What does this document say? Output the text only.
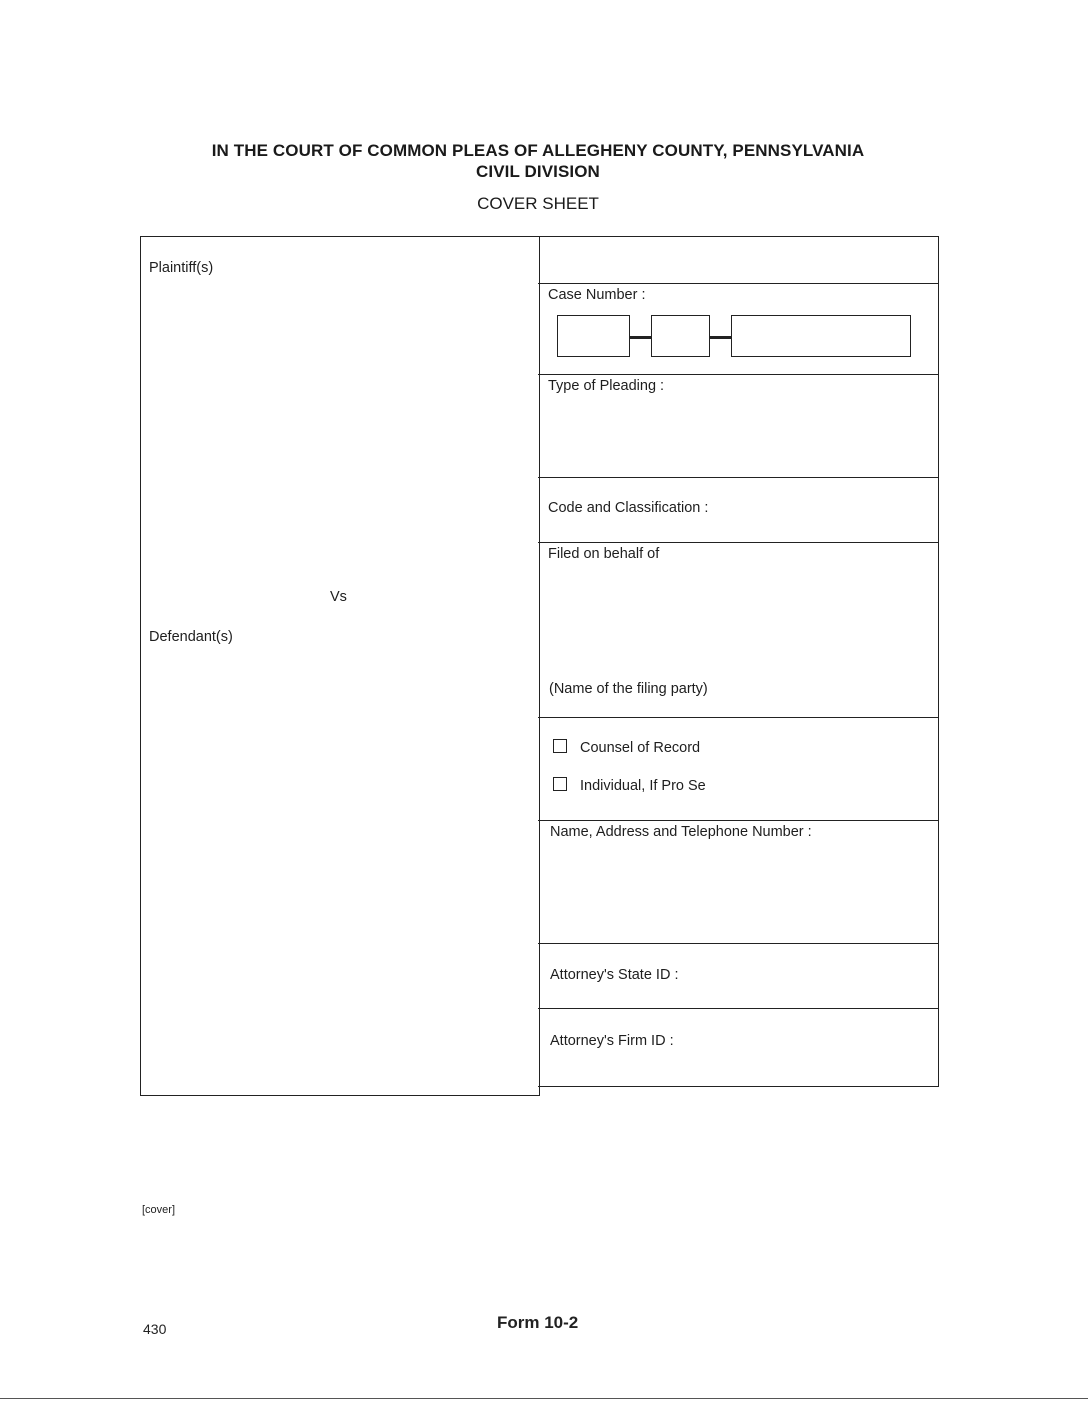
IN THE COURT OF COMMON PLEAS OF ALLEGHENY COUNTY, PENNSYLVANIA
CIVIL DIVISION
COVER SHEET
Plaintiff(s)
Vs
Defendant(s)
Case Number :
Type of Pleading :
Code and Classification :
Filed on behalf of
(Name of the filing party)
Counsel of Record
Individual, If Pro Se
Name, Address and Telephone Number :
Attorney's State ID :
Attorney's Firm ID :
[cover]
430	Form 10-2
